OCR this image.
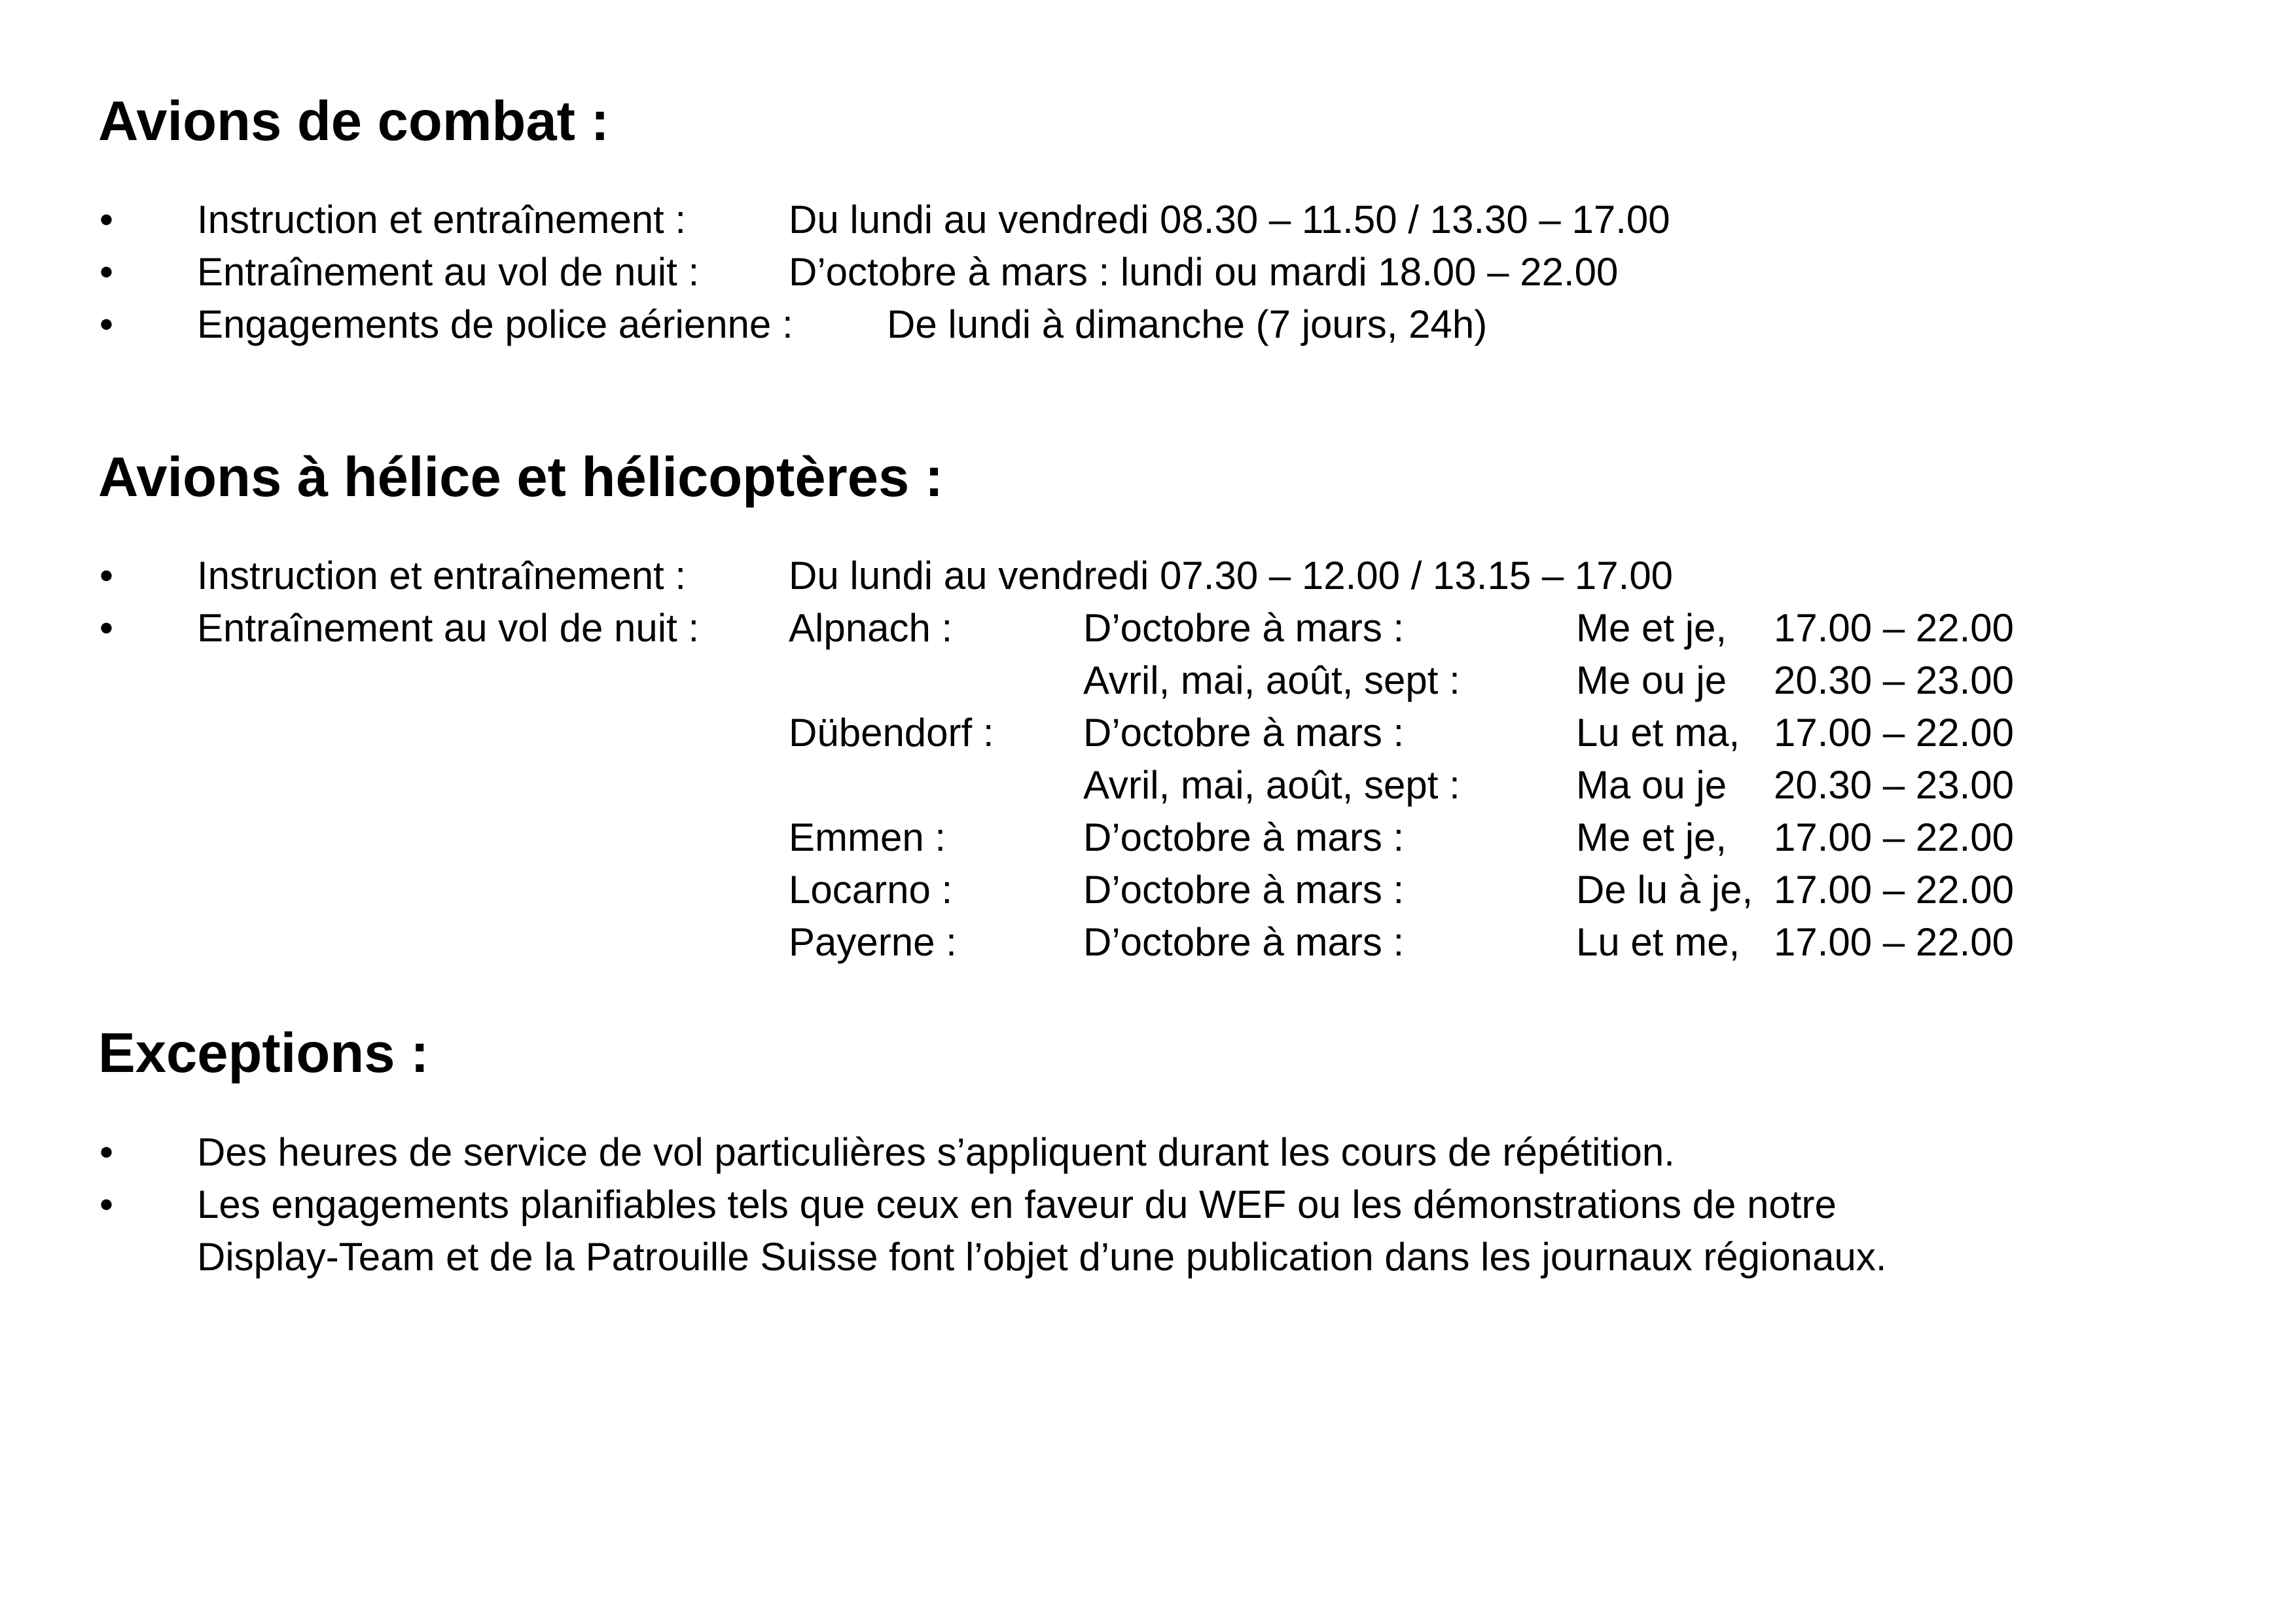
Avions de combat :
• Instruction et entraînement :	Du lundi au vendredi 08.30 – 11.50 / 13.30 – 17.00
• Entraînement au vol de nuit : D’octobre à mars : lundi ou mardi 18.00 – 22.00
• Engagements de police aérienne : De lundi à dimanche (7 jours, 24h)
Avions à hélice et hélicoptères :
• Instruction et entraînement :	Du lundi au vendredi 07.30 – 12.00 / 13.15 – 17.00
• Entraînement au vol de nuit : Alpnach :	D’octobre à mars :	Me et je, 17.00 – 22.00
Avril, mai, août, sept :	Me ou je 20.30 – 23.00
Dübendorf : D’octobre à mars :	Lu et ma, 17.00 – 22.00
Avril, mai, août, sept :	Ma ou je 20.30 – 23.00
Emmen :	D’octobre à mars :	Me et je, 17.00 – 22.00
Locarno :	D’octobre à mars :	De lu à je, 17.00 – 22.00
Payerne :	D’octobre à mars :	Lu et me, 17.00 – 22.00
Exceptions :
• Des heures de service de vol particulières s’appliquent durant les cours de répétition.
• Les engagements planifiables tels que ceux en faveur du WEF ou les démonstrations de notre
Display-Team et de la Patrouille Suisse font l’objet d’une publication dans les journaux régionaux.
